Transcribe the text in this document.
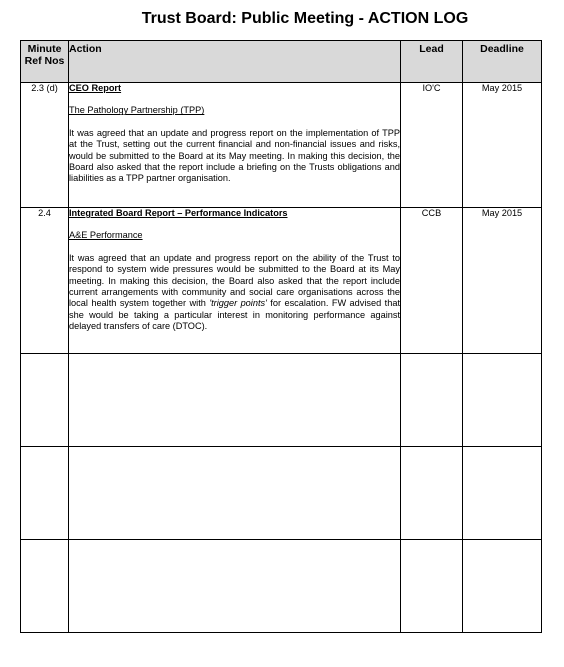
Trust Board: Public Meeting - ACTION LOG
Minute Ref Nos	Action	Lead	Deadline
2.3 (d)	CEO Report

The Pathology Partnership (TPP)

It was agreed that an update and progress report on the implementation of TPP at the Trust, setting out the current financial and non-financial issues and risks, would be submitted to the Board at its May meeting. In making this decision, the Board also asked that the report include a briefing on the Trusts obligations and liabilities as a TPP partner organisation.	IO'C	May 2015
2.4	Integrated Board Report – Performance Indicators

A&E Performance

It was agreed that an update and progress report on the ability of the Trust to respond to system wide pressures would be submitted to the Board at its May meeting. In making this decision, the Board also asked that the report include current arrangements with community and social care organisations across the local health system together with 'trigger points' for escalation. FW advised that she would be taking a particular interest in monitoring performance against delayed transfers of care (DTOC).	CCB	May 2015
